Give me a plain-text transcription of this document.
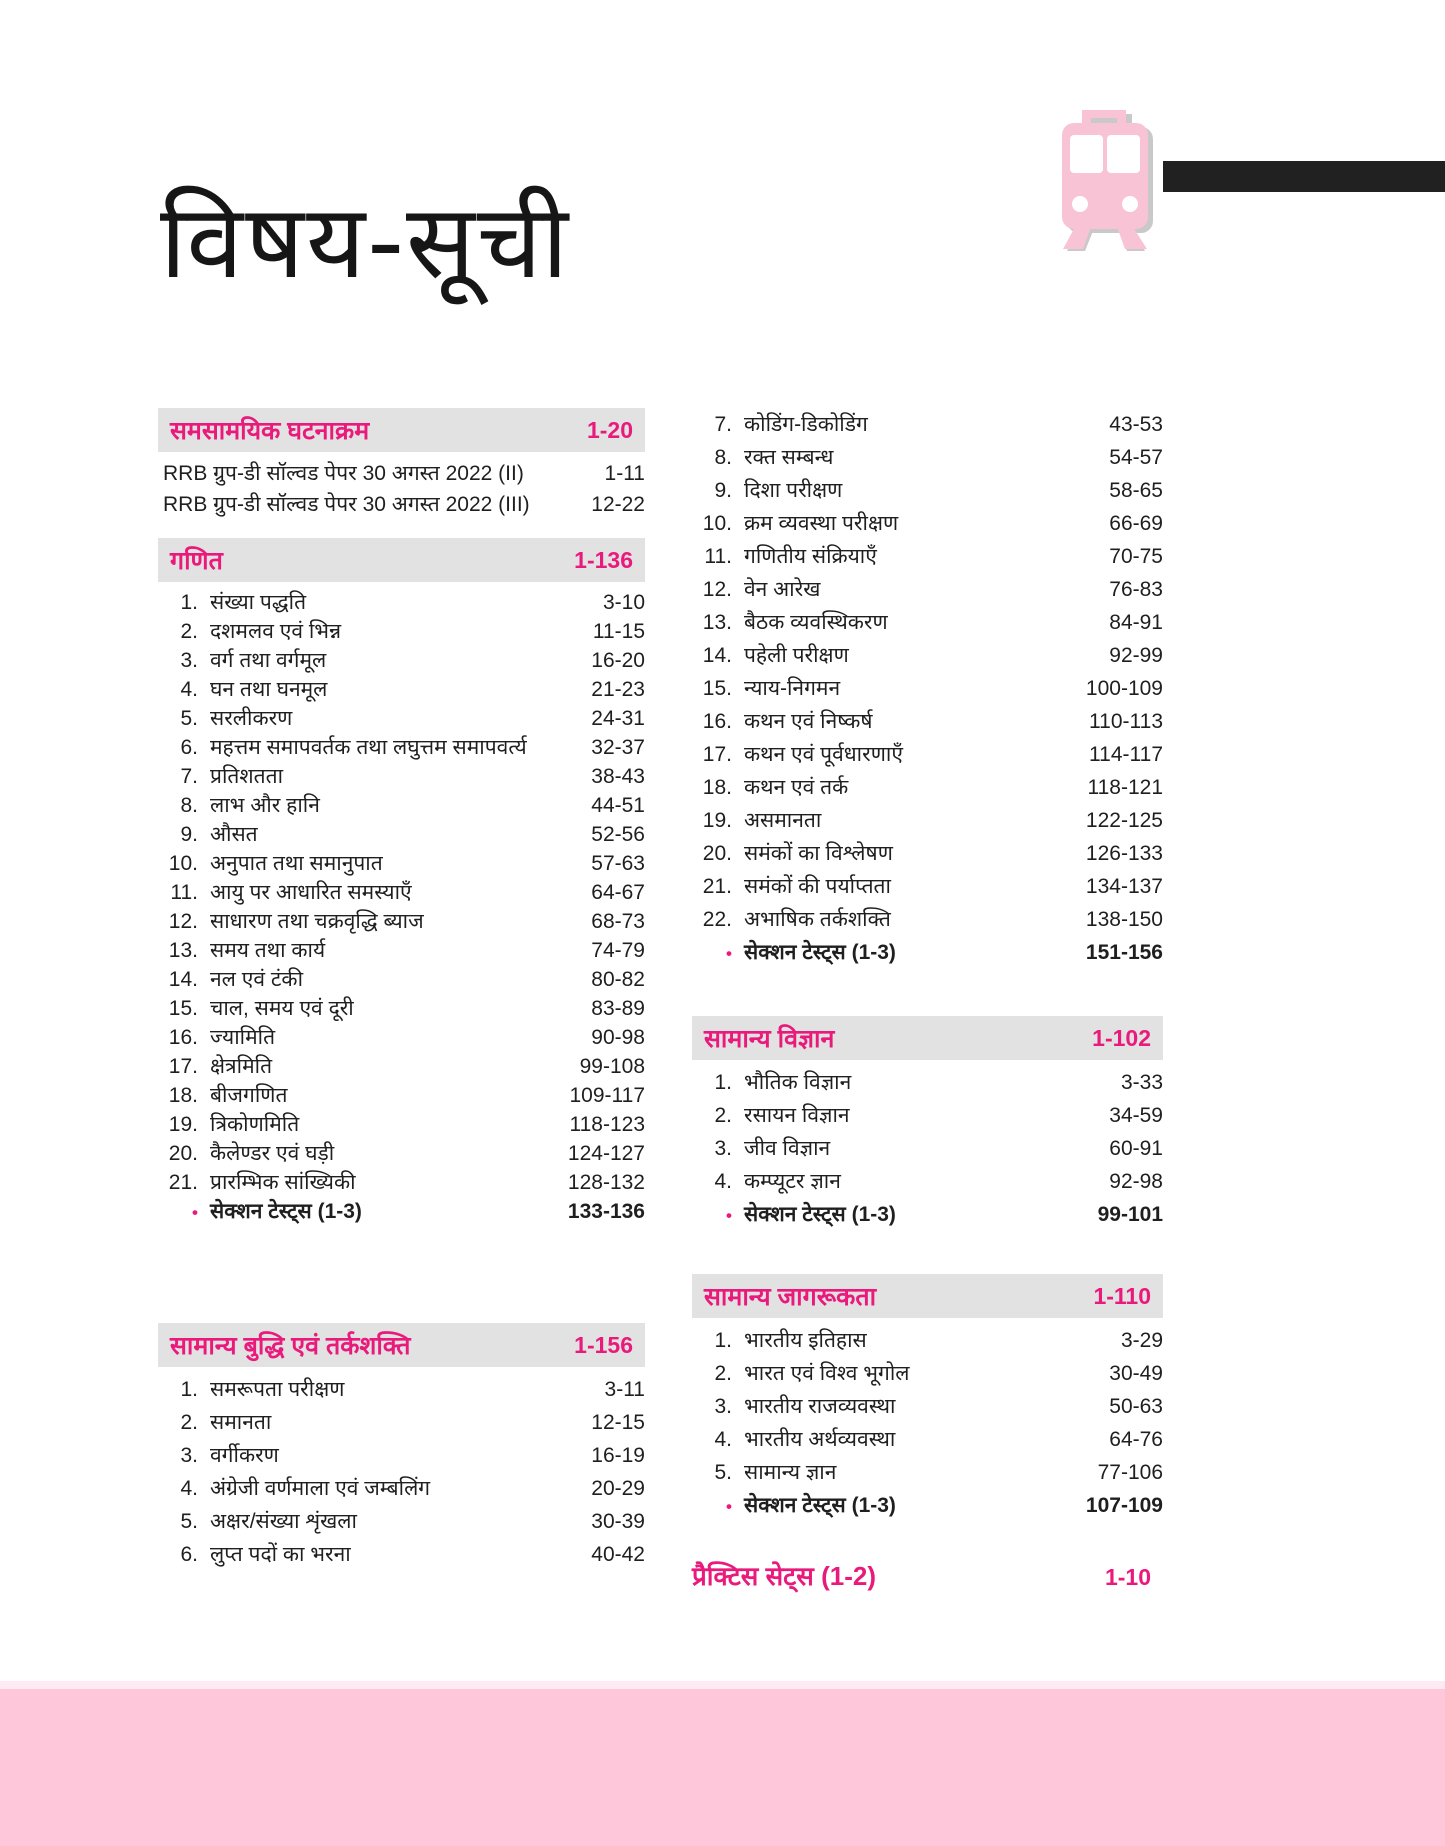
विषय-सूची
समसामयिक घटनाक्रम	1-20
RRB ग्रुप-डी सॉल्वड पेपर 30 अगस्त 2022 (II)	1-11
RRB ग्रुप-डी सॉल्वड पेपर 30 अगस्त 2022 (III)	12-22
गणित	1-136
1. संख्या पद्धति	3-10
2. दशमलव एवं भिन्न	11-15
3. वर्ग तथा वर्गमूल	16-20
4. घन तथा घनमूल	21-23
5. सरलीकरण	24-31
6. महत्तम समापवर्तक तथा लघुत्तम समापवर्त्य	32-37
7. प्रतिशतता	38-43
8. लाभ और हानि	44-51
9. औसत	52-56
10. अनुपात तथा समानुपात	57-63
11. आयु पर आधारित समस्याएँ	64-67
12. साधारण तथा चक्रवृद्धि ब्याज	68-73
13. समय तथा कार्य	74-79
14. नल एवं टंकी	80-82
15. चाल, समय एवं दूरी	83-89
16. ज्यामिति	90-98
17. क्षेत्रमिति	99-108
18. बीजगणित	109-117
19. त्रिकोणमिति	118-123
20. कैलेण्डर एवं घड़ी	124-127
21. प्रारम्भिक सांख्यिकी	128-132
• सेक्शन टेस्ट्स (1-3)	133-136
सामान्य बुद्धि एवं तर्कशक्ति	1-156
1. समरूपता परीक्षण	3-11
2. समानता	12-15
3. वर्गीकरण	16-19
4. अंग्रेजी वर्णमाला एवं जम्बलिंग	20-29
5. अक्षर/संख्या शृंखला	30-39
6. लुप्त पदों का भरना	40-42
7. कोडिंग-डिकोडिंग	43-53
8. रक्त सम्बन्ध	54-57
9. दिशा परीक्षण	58-65
10. क्रम व्यवस्था परीक्षण	66-69
11. गणितीय संक्रियाएँ	70-75
12. वेन आरेख	76-83
13. बैठक व्यवस्थिकरण	84-91
14. पहेली परीक्षण	92-99
15. न्याय-निगमन	100-109
16. कथन एवं निष्कर्ष	110-113
17. कथन एवं पूर्वधारणाएँ	114-117
18. कथन एवं तर्क	118-121
19. असमानता	122-125
20. समंकों का विश्लेषण	126-133
21. समंकों की पर्याप्तता	134-137
22. अभाषिक तर्कशक्ति	138-150
• सेक्शन टेस्ट्स (1-3)	151-156
सामान्य विज्ञान	1-102
1. भौतिक विज्ञान	3-33
2. रसायन विज्ञान	34-59
3. जीव विज्ञान	60-91
4. कम्प्यूटर ज्ञान	92-98
• सेक्शन टेस्ट्स (1-3)	99-101
सामान्य जागरूकता	1-110
1. भारतीय इतिहास	3-29
2. भारत एवं विश्व भूगोल	30-49
3. भारतीय राजव्यवस्था	50-63
4. भारतीय अर्थव्यवस्था	64-76
5. सामान्य ज्ञान	77-106
• सेक्शन टेस्ट्स (1-3)	107-109
प्रैक्टिस सेट्स (1-2)	1-10
